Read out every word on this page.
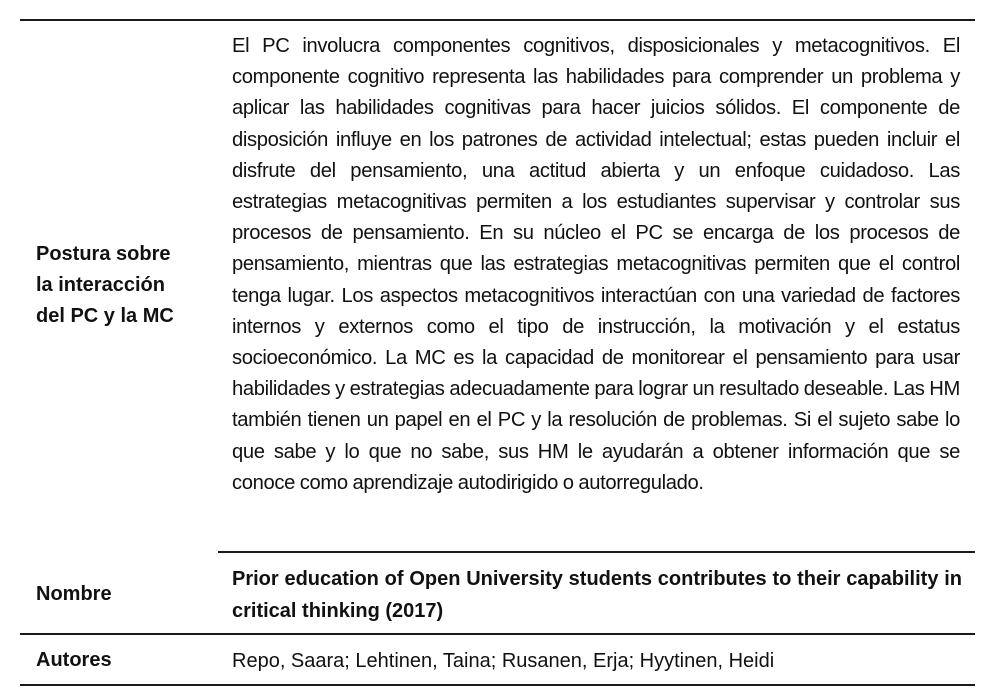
Postura sobre
la interacción
del PC y la MC
El PC involucra componentes cognitivos, disposicionales y metacognitivos. El componente cognitivo representa las habilidades para comprender un problema y aplicar las habilidades cognitivas para hacer juicios sólidos. El componente de disposición influye en los patrones de actividad intelectual; estas pueden incluir el disfrute del pensamiento, una actitud abierta y un enfoque cuidadoso. Las estrategias metacognitivas permiten a los estudiantes supervisar y controlar sus procesos de pensamiento. En su núcleo el PC se encarga de los procesos de pensamiento, mientras que las estrategias metacognitivas permiten que el control tenga lugar. Los aspectos metacognitivos interactúan con una variedad de factores internos y externos como el tipo de instrucción, la motivación y el estatus socioeconómico. La MC es la capacidad de monitorear el pensamiento para usar habilidades y estrategias adecuadamente para lograr un resultado deseable. Las HM también tienen un papel en el PC y la resolución de problemas. Si el sujeto sabe lo que sabe y lo que no sabe, sus HM le ayudarán a obtener información que se conoce como aprendizaje autodirigido o autorregulado.
Nombre
Prior education of Open University students contributes to their capability in critical thinking (2017)
Autores	Repo, Saara; Lehtinen, Taina; Rusanen, Erja; Hyytinen, Heidi
